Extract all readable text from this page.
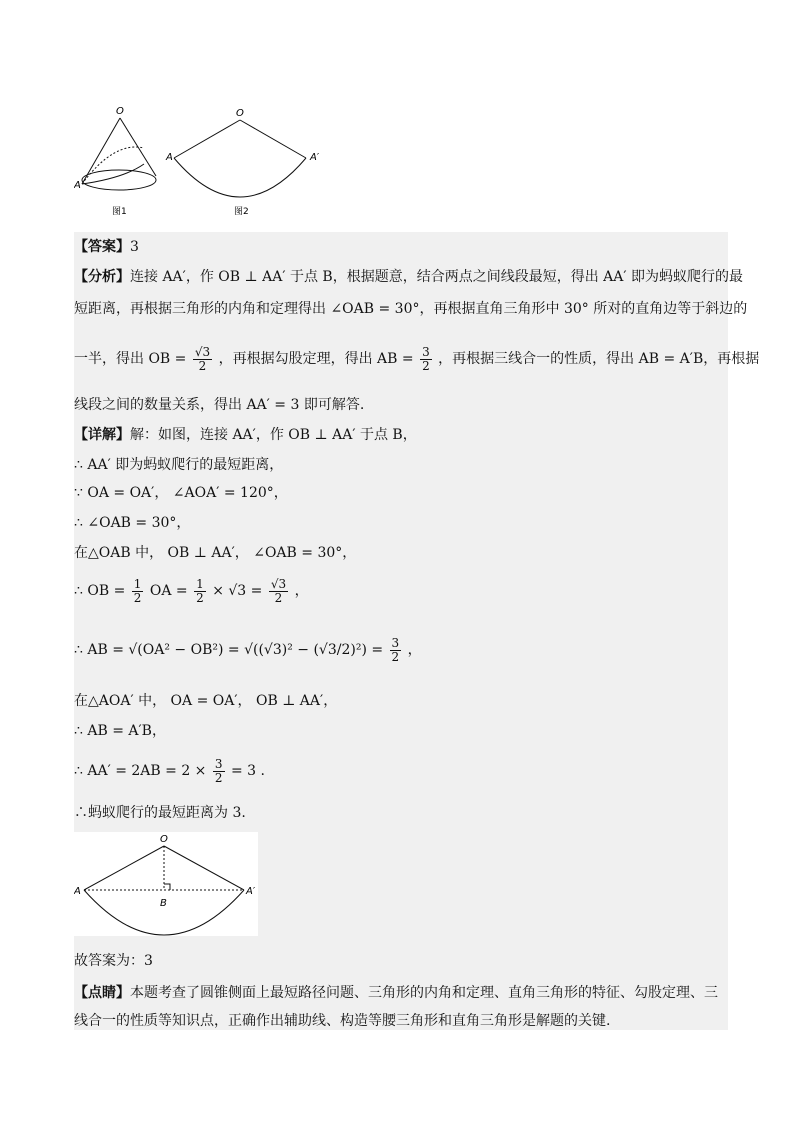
O
A
图1
O
A	A′
图2
【答案】3
【分析】连接 AA′，作 OB ⊥ AA′ 于点 B，根据题意，结合两点之间线段最短，得出 AA′ 即为蚂蚁爬行的最
短距离，再根据三角形的内角和定理得出 ∠OAB = 30°，再根据直角三角形中 30° 所对的直角边等于斜边的
一半，得出 OB = $\frac{√3}{2}$ ，再根据勾股定理，得出 AB = $\frac{3}{2}$ ，再根据三线合一的性质，得出 AB = A′B，再根据
线段之间的数量关系，得出 AA′ = 3 即可解答.
【详解】解：如图，连接 AA′，作 OB ⊥ AA′ 于点 B，
∴ AA′ 即为蚂蚁爬行的最短距离，
∵ OA = OA′， ∠AOA′ = 120°，
∴ ∠OAB = 30°，
在△OAB 中， OB ⊥ AA′， ∠OAB = 30°，
∴ OB = $\frac{1}{2}$ OA = $\frac{1}{2} \times √3 = \frac{√3}{2}$ ，
∴ AB = $√(OA^2 - OB^2) = √((√3)^2 - (√3/2)^2) = \frac{3}{2}$ ，
在△AOA′ 中， OA = OA′， OB ⊥ AA′，
∴ AB = A′B，
∴ $AA' = 2AB = 2 \times \frac{3}{2} = 3$ .
∴蚂蚁爬行的最短距离为 3.
O
A	A′
B
故答案为：3
【点睛】本题考查了圆锥侧面上最短路径问题、三角形的内角和定理、直角三角形的特征、勾股定理、三
线合一的性质等知识点，正确作出辅助线、构造等腰三角形和直角三角形是解题的关键.
